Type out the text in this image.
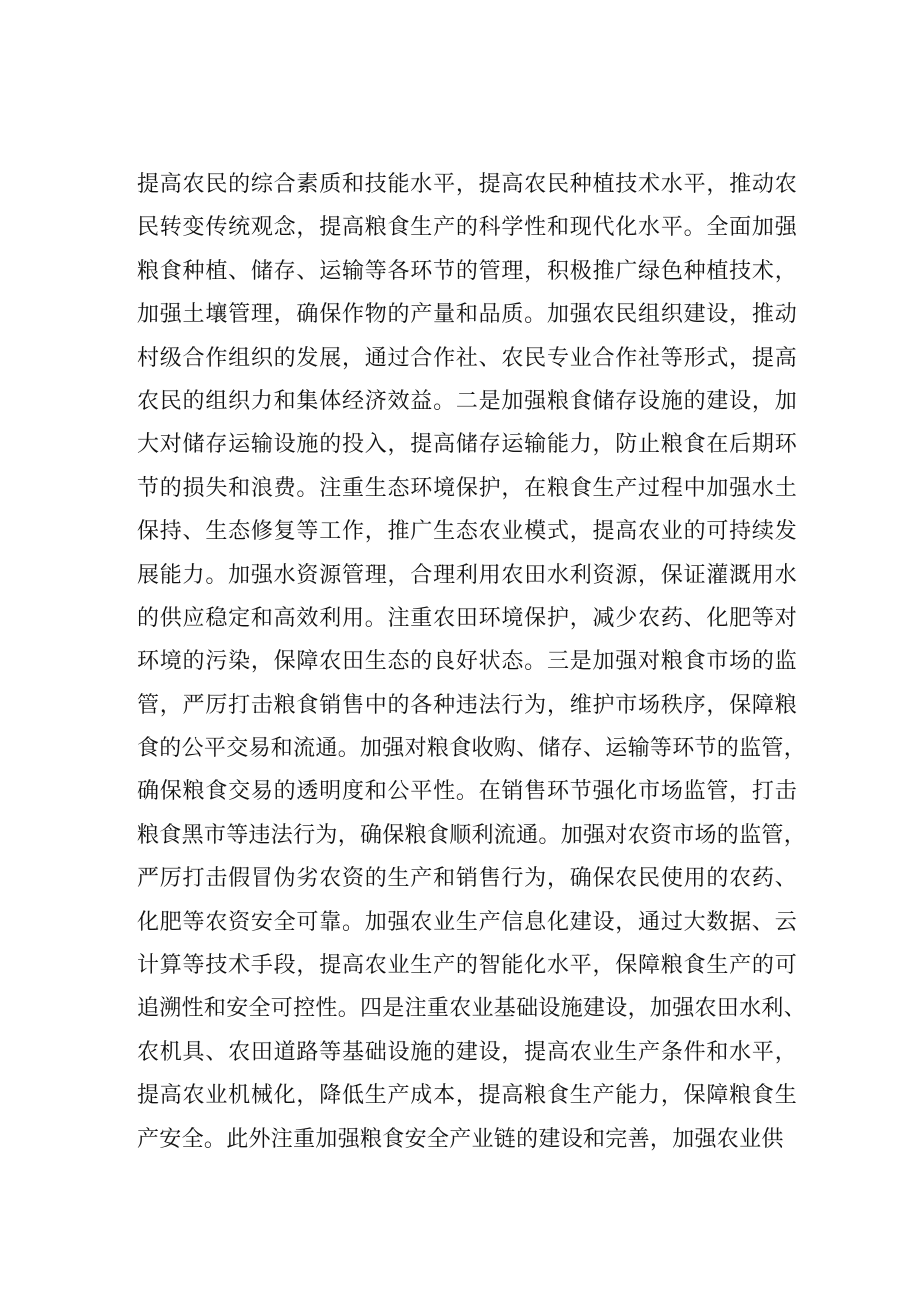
提高农民的综合素质和技能水平，提高农民种植技术水平，推动农
民转变传统观念，提高粮食生产的科学性和现代化水平。全面加强
粮食种植、储存、运输等各环节的管理，积极推广绿色种植技术，
加强土壤管理，确保作物的产量和品质。加强农民组织建设，推动
村级合作组织的发展，通过合作社、农民专业合作社等形式，提高
农民的组织力和集体经济效益。二是加强粮食储存设施的建设，加
大对储存运输设施的投入，提高储存运输能力，防止粮食在后期环
节的损失和浪费。注重生态环境保护，在粮食生产过程中加强水土
保持、生态修复等工作，推广生态农业模式，提高农业的可持续发
展能力。加强水资源管理，合理利用农田水利资源，保证灌溉用水
的供应稳定和高效利用。注重农田环境保护，减少农药、化肥等对
环境的污染，保障农田生态的良好状态。三是加强对粮食市场的监
管，严厉打击粮食销售中的各种违法行为，维护市场秩序，保障粮
食的公平交易和流通。加强对粮食收购、储存、运输等环节的监管，
确保粮食交易的透明度和公平性。在销售环节强化市场监管，打击
粮食黑市等违法行为，确保粮食顺利流通。加强对农资市场的监管，
严厉打击假冒伪劣农资的生产和销售行为，确保农民使用的农药、
化肥等农资安全可靠。加强农业生产信息化建设，通过大数据、云
计算等技术手段，提高农业生产的智能化水平，保障粮食生产的可
追溯性和安全可控性。四是注重农业基础设施建设，加强农田水利、
农机具、农田道路等基础设施的建设，提高农业生产条件和水平，
提高农业机械化，降低生产成本，提高粮食生产能力，保障粮食生
产安全。此外注重加强粮食安全产业链的建设和完善，加强农业供
